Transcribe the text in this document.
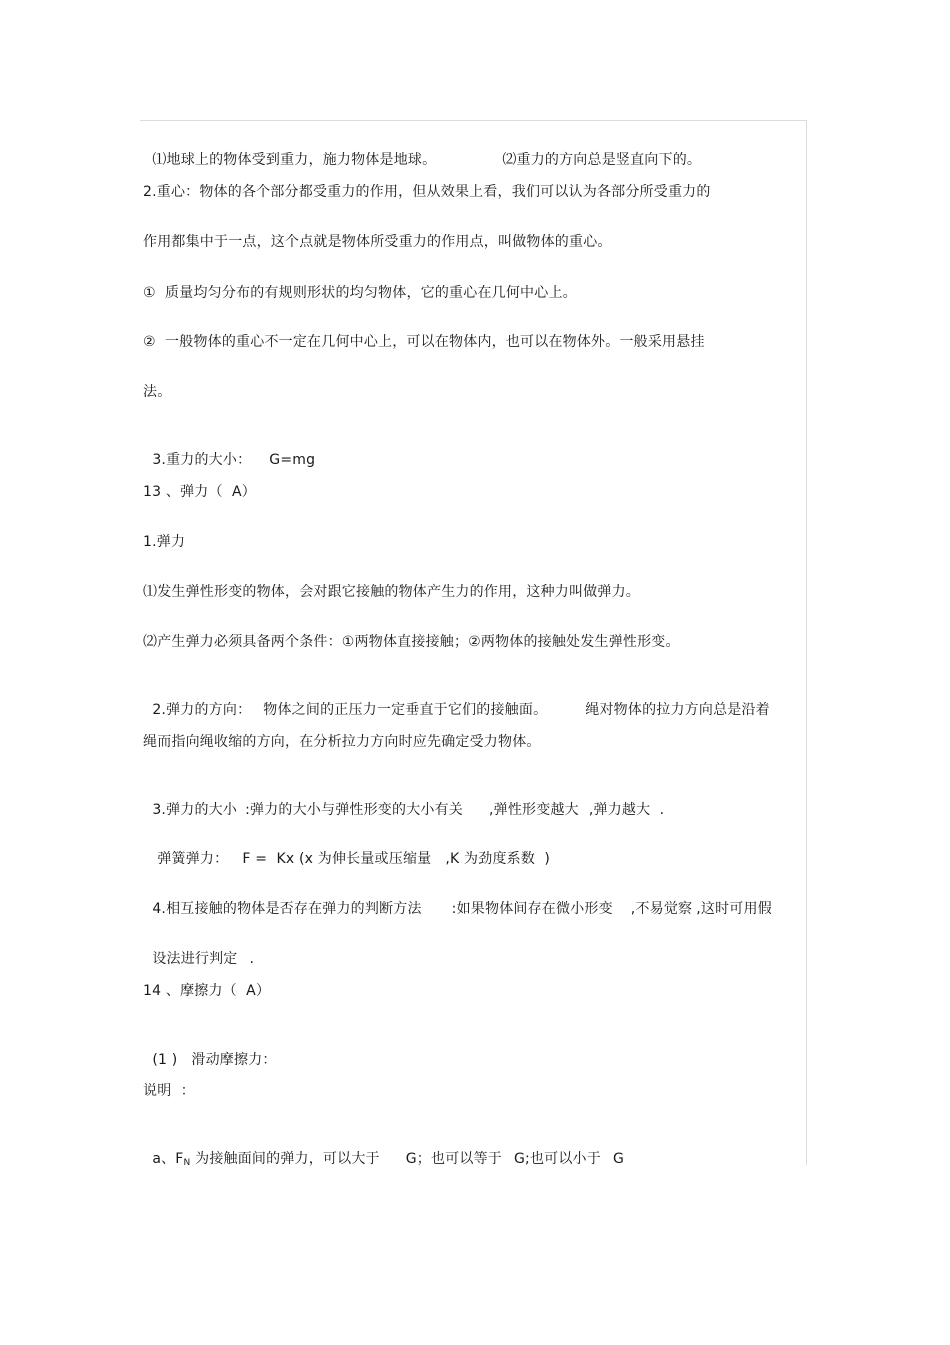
⑴地球上的物体受到重力，施力物体是地球。	⑵重力的方向总是竖直向下的。

2.重心：物体的各个部分都受重力的作用，但从效果上看，我们可以认为各部分所受重力的
作用都集中于一点，这个点就是物体所受重力的作用点，叫做物体的重心。
①  质量均匀分布的有规则形状的均匀物体，它的重心在几何中心上。
②  一般物体的重心不一定在几何中心上，可以在物体内，也可以在物体外。一般采用悬挂
法。

3.重力的大小： G=mg

13 、弹力（  A）
1.弹力
⑴发生弹性形变的物体，会对跟它接触的物体产生力的作用，这种力叫做弹力。
⑵产生弹力必须具备两个条件：①两物体直接接触；②两物体的接触处发生弹性形变。

2.弹力的方向： 物体之间的正压力一定垂直于它们的接触面。	绳对物体的拉力方向总是沿着

绳而指向绳收缩的方向，在分析拉力方向时应先确定受力物体。

3.弹力的大小 :弹力的大小与弹性形变的大小有关 ,弹性形变越大 ,弹力越大  .

弹簧弹力： F =  Kx (x 为伸长量或压缩量 ,K 为劲度系数  )

4.相互接触的物体是否存在弹力的判断方法 :如果物体间存在微小形变 ,不易觉察 ,这时可用假

设法进行判定 .

14 、摩擦力（  A）

(1 ) 滑动摩擦力：

说明  ：

a、FN 为接触面间的弹力，可以大于 G；也可以等于 G;也可以小于 G
